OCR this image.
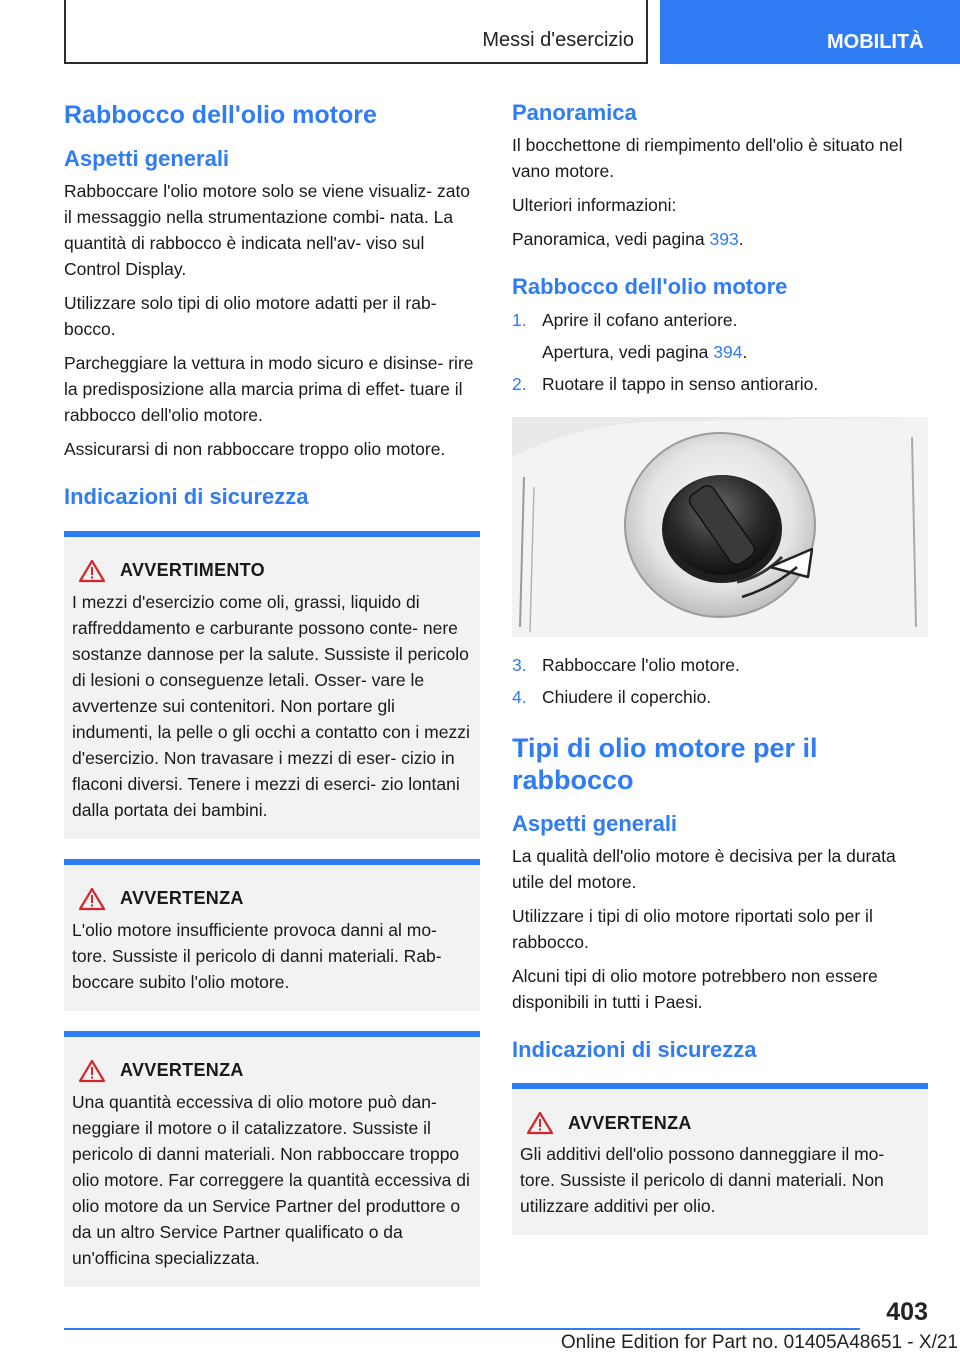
Messi d'esercizio	MOBILITÀ
Rabbocco dell'olio motore
Aspetti generali

Rabboccare l'olio motore solo se viene visualiz‐ zato il messaggio nella strumentazione combi‐ nata. La quantità di rabbocco è indicata nell'av‐ viso sul Control Display.

Utilizzare solo tipi di olio motore adatti per il rab‐ bocco.

Parcheggiare la vettura in modo sicuro e disinse‐ rire la predisposizione alla marcia prima di effet‐ tuare il rabbocco dell'olio motore.

Assicurarsi di non rabboccare troppo olio motore.

Indicazioni di sicurezza
AVVERTIMENTO

I mezzi d'esercizio come oli, grassi, liquido di raffreddamento e carburante possono conte‐ nere sostanze dannose per la salute. Sussiste il pericolo di lesioni o conseguenze letali. Osser‐ vare le avvertenze sui contenitori. Non portare gli indumenti, la pelle o gli occhi a contatto con i mezzi d'esercizio. Non travasare i mezzi di eser‐ cizio in flaconi diversi. Tenere i mezzi di eserci‐ zio lontani dalla portata dei bambini.

AVVERTENZA

L'olio motore insufficiente provoca danni al mo‐ tore. Sussiste il pericolo di danni materiali. Rab‐ boccare subito l'olio motore.

AVVERTENZA

Una quantità eccessiva di olio motore può dan‐ neggiare il motore o il catalizzatore. Sussiste il pericolo di danni materiali. Non rabboccare troppo olio motore. Far correggere la quantità eccessiva di olio motore da un Service Partner del produttore o da un altro Service Partner qualificato o da un'officina specializzata.

Panoramica

Il bocchettone di riempimento dell'olio è situato nel vano motore.

Ulteriori informazioni:

Panoramica, vedi pagina 393.

Rabbocco dell'olio motore
1. Aprire il cofano anteriore.
Apertura, vedi pagina 394.
2. Ruotare il tappo in senso antiorario.
3. Rabboccare l'olio motore.
4. Chiudere il coperchio.
Tipi di olio motore per il rabbocco
Aspetti generali

La qualità dell'olio motore è decisiva per la durata utile del motore.

Utilizzare i tipi di olio motore riportati solo per il rabbocco.

Alcuni tipi di olio motore potrebbero non essere disponibili in tutti i Paesi.

Indicazioni di sicurezza
AVVERTENZA

Gli additivi dell'olio possono danneggiare il mo‐ tore. Sussiste il pericolo di danni materiali. Non utilizzare additivi per olio.

403
Online Edition for Part no. 01405A48651 - X/21
